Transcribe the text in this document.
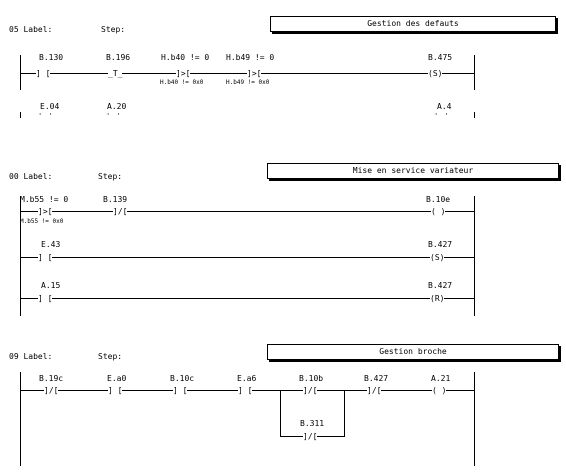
05 Label:	Step:
Gestion des defauts
B.130
] [
B.196
_T_
H.b40 != 0
]>[
H.b40 != 0x0
H.b49 != 0
]>[
H.b49 != 0x0
B.475
(S)
E.04	A.20	A.4
' '	' '	' '
00 Label:	Step:
Mise en service variateur
M.b55 != 0
]>[
M.b55 != 0x0
B.139
]/[
B.10e
( )
E.43
] [
B.427
(S)
A.15
] [
B.427
(R)
09 Label:	Step:
Gestion broche
B.19c
]/[
E.a0
] [
B.10c
] [
E.a6
] [
B.10b
]/[
B.427
]/[
A.21
( )
B.311
]/[
